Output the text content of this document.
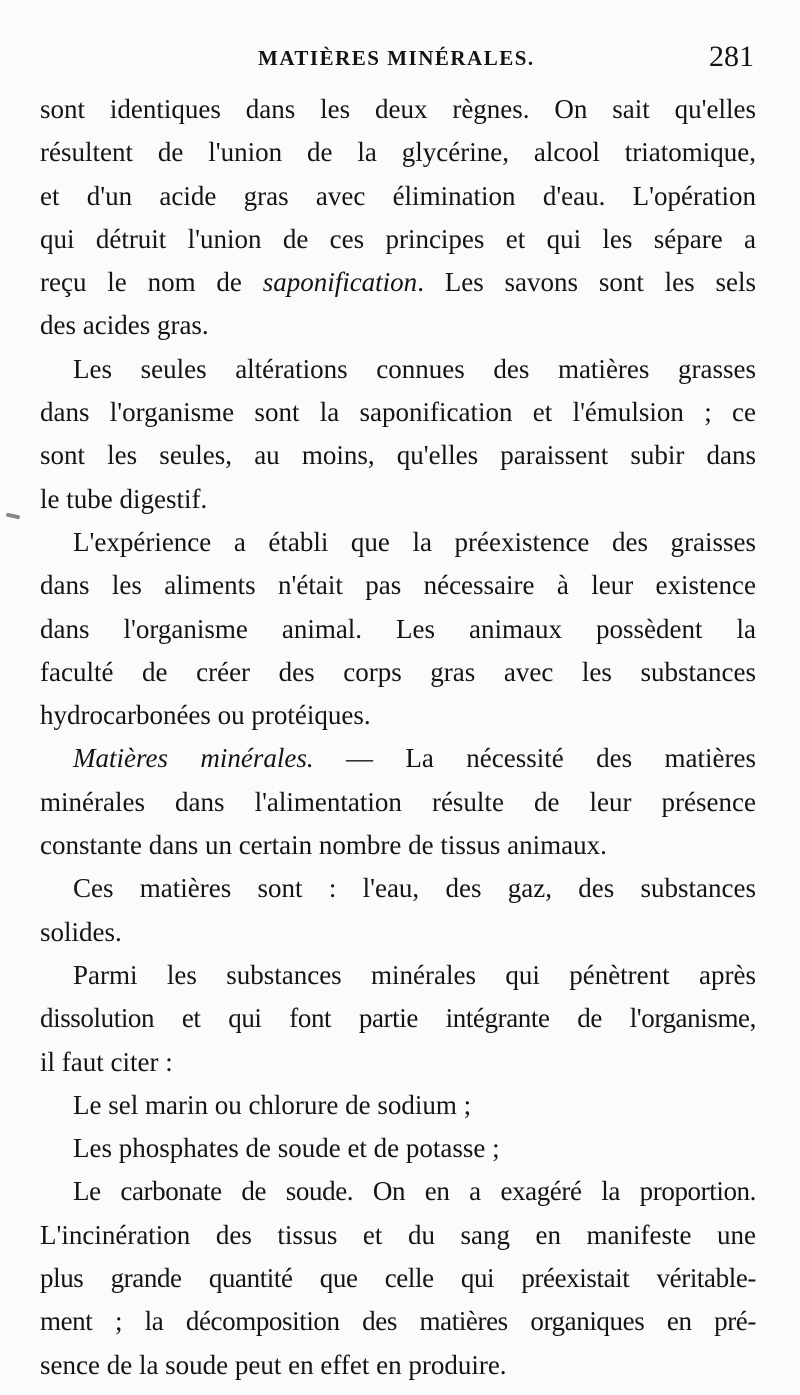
MATIÈRES MINÉRALES.	281
sont identiques dans les deux règnes. On sait qu'elles
résultent de l'union de la glycérine, alcool triatomique,
et d'un acide gras avec élimination d'eau. L'opération
qui détruit l'union de ces principes et qui les sépare a
reçu le nom de saponification. Les savons sont les sels
des acides gras.
Les seules altérations connues des matières grasses
dans l'organisme sont la saponification et l'émulsion ; ce
sont les seules, au moins, qu'elles paraissent subir dans
le tube digestif.
L'expérience a établi que la préexistence des graisses
dans les aliments n'était pas nécessaire à leur existence
dans l'organisme animal. Les animaux possèdent la
faculté de créer des corps gras avec les substances
hydrocarbonées ou protéiques.
Matières minérales. — La nécessité des matières
minérales dans l'alimentation résulte de leur présence
constante dans un certain nombre de tissus animaux.
Ces matières sont : l'eau, des gaz, des substances
solides.
Parmi les substances minérales qui pénètrent après
dissolution et qui font partie intégrante de l'organisme,
il faut citer :
Le sel marin ou chlorure de sodium ;
Les phosphates de soude et de potasse ;
Le carbonate de soude. On en a exagéré la proportion.
L'incinération des tissus et du sang en manifeste une
plus grande quantité que celle qui préexistait véritable-
ment ; la décomposition des matières organiques en pré-
sence de la soude peut en effet en produire.
